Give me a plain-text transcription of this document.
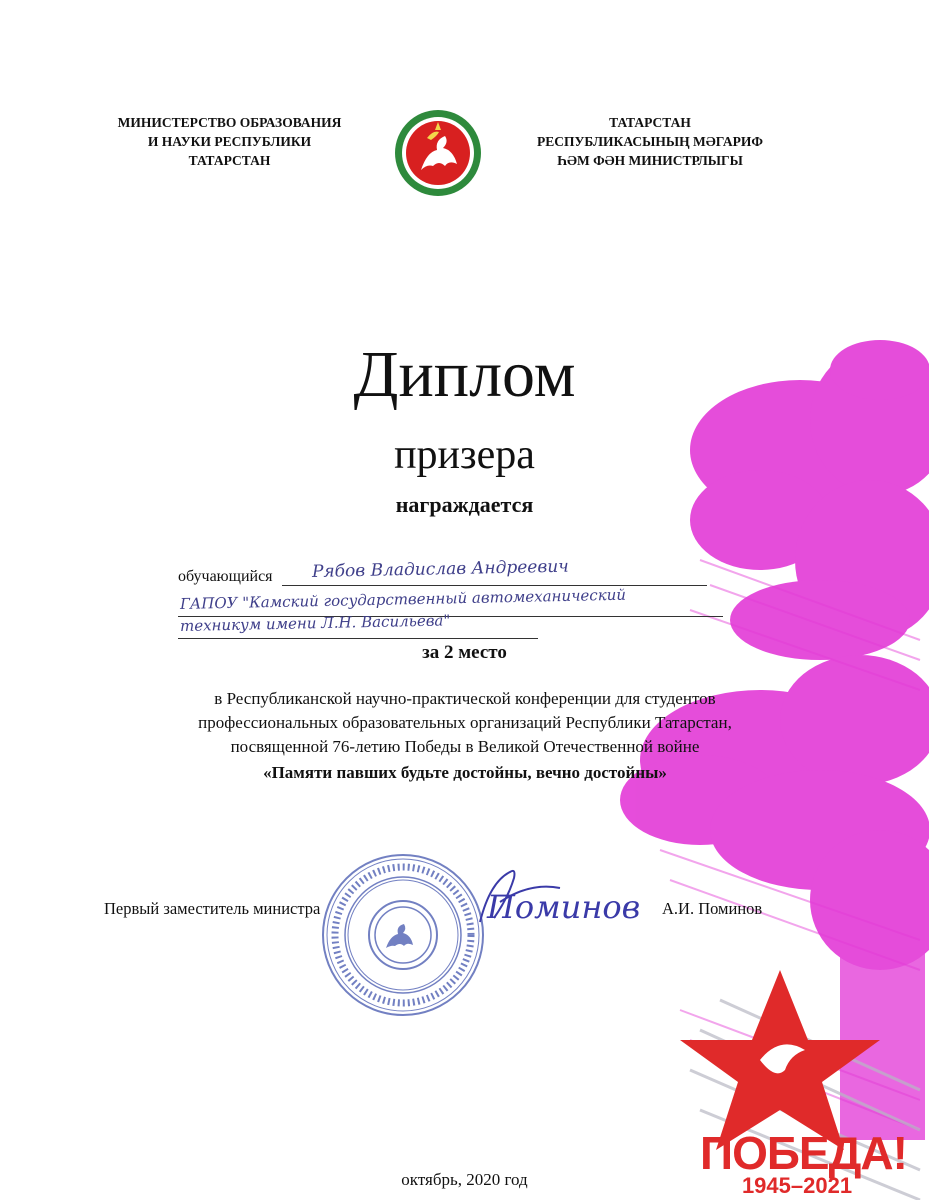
МИНИСТЕРСТВО ОБРАЗОВАНИЯ
И НАУКИ РЕСПУБЛИКИ
ТАТАРСТАН
ТАТАРСТАН
РЕСПУБЛИКАСЫНЫҢ МӘГАРИФ
ҺӘМ ФӘН МИНИСТРЛЫГЫ
Диплом
призера
награждается
обучающийся Рябов Владислав Андреевич
ГАПОУ "Камский государственный автомеханический
техникум имени Л.Н. Васильева"
за 2 место
в Республиканской научно-практической конференции для студентов
профессиональных образовательных организаций Республики Татарстан,
посвященной 76-летию Победы в Великой Отечественной войне
«Памяти павших будьте достойны, вечно достойны»
Первый заместитель министра	Поминов А.И. Поминов
октябрь, 2020 год
ПОБЕДА!
1945–2021
